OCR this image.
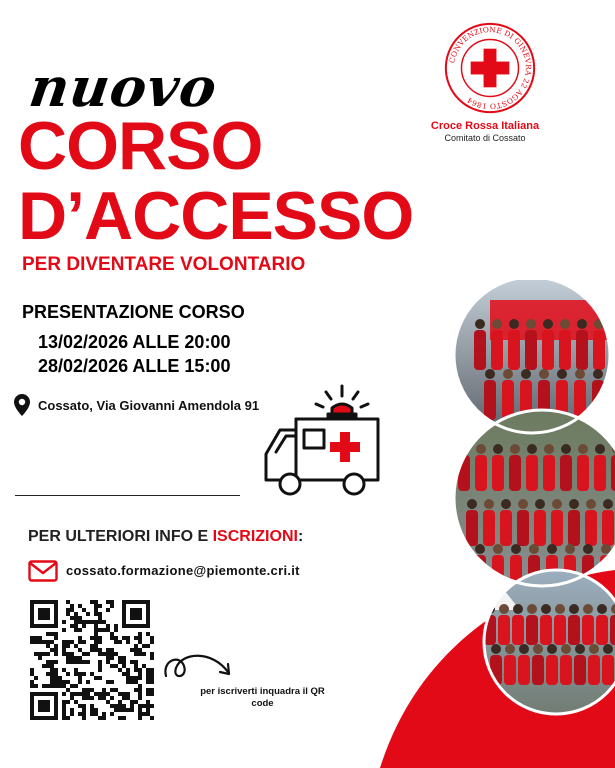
nuovo
CORSO
D’ACCESSO
PER DIVENTARE VOLONTARIO
CONVENZIONE DI GINEVRA 22 AGOSTO 1864
Croce Rossa Italiana
Comitato di Cossato
PRESENTAZIONE CORSO
13/02/2026 ALLE 20:00
28/02/2026 ALLE 15:00
Cossato, Via Giovanni Amendola 91
PER ULTERIORI INFO E ISCRIZIONI:
cossato.formazione@piemonte.cri.it
per iscriverti inquadra il QR code
